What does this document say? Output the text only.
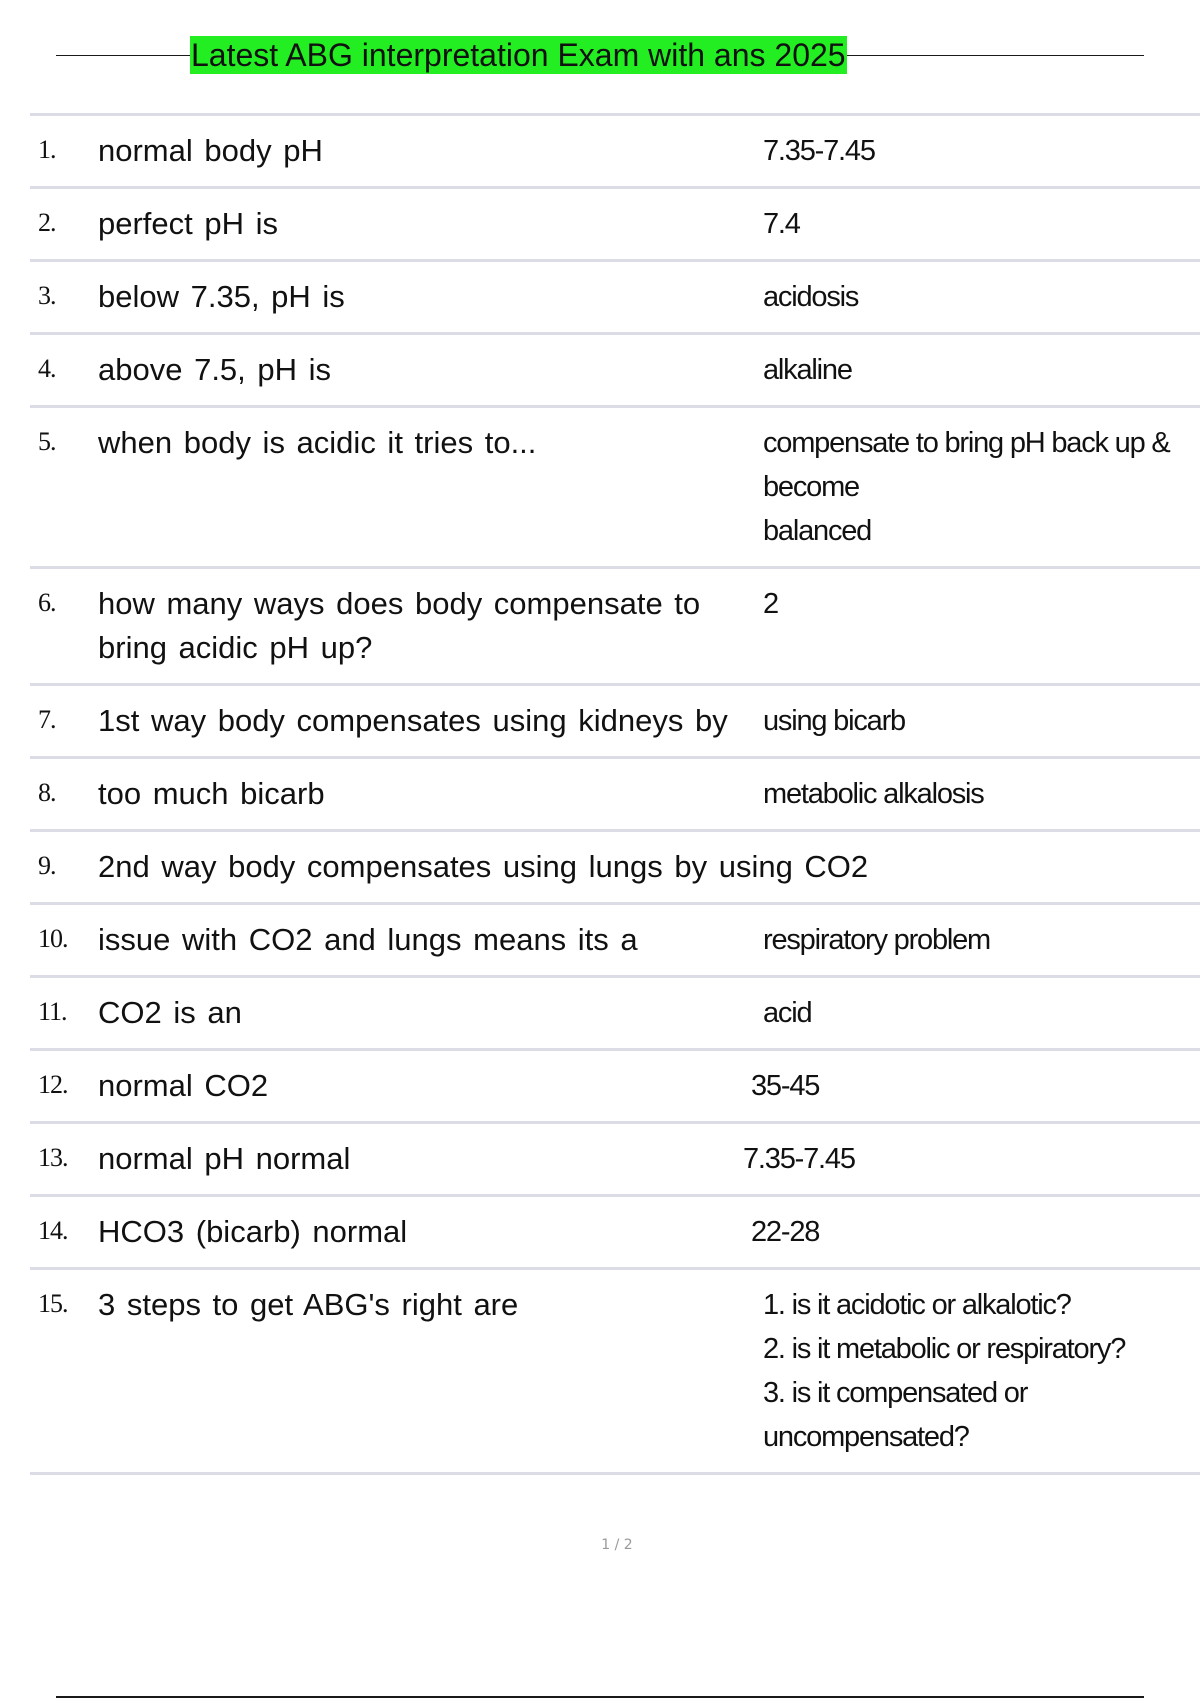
Latest ABG interpretation Exam with ans 2025
1.	normal body pH	7.35-7.45

2.	perfect pH is	7.4

3.	below 7.35, pH is	acidosis

4.	above 7.5, pH is	alkaline

5.	when body is acidic it tries to...	compensate to bring pH back up & become
balanced

6.	how many ways does body compensate to bring acidic pH up?	2

7.	1st way body compensates using kidneys by	using bicarb

8.	too much bicarb	metabolic alkalosis

9.	2nd way body compensates using lungs by using CO2	
10.	issue with CO2 and lungs means its a	respiratory problem

11.	CO2 is an	acid

12.	normal CO2	35-45

13.	normal pH normal	7.35-7.45

14.	HCO3 (bicarb) normal	22-28

15.	3 steps to get ABG's right are	1. is it acidotic or alkalotic?
2. is it metabolic or respiratory?
3. is it compensated or uncompensated?
1 / 2
